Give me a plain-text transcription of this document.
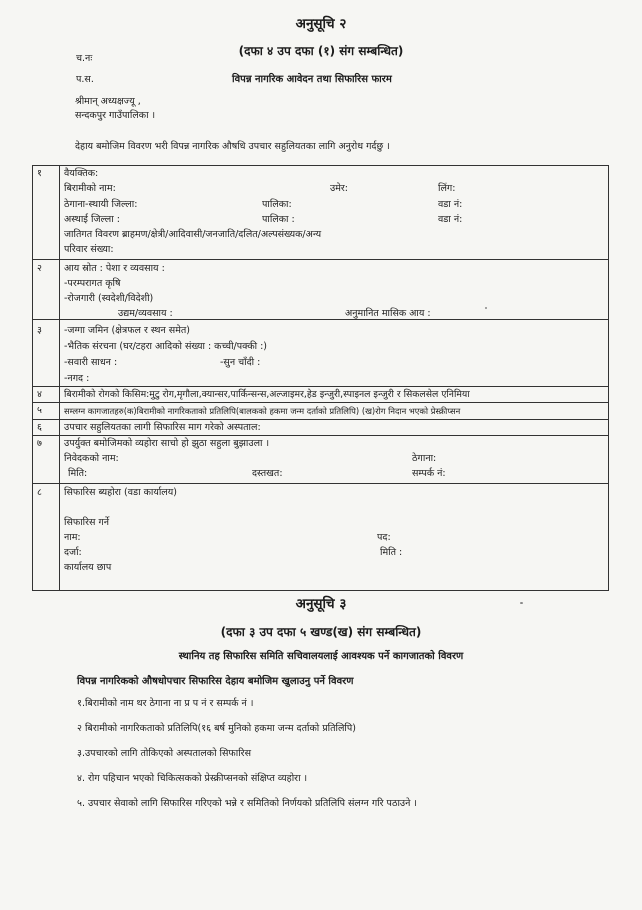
अनुसूचि २
च.नः
(दफा ४ उप दफा (१) संग सम्बन्धित)
प.स.	विपन्न नागरिक आवेदन तथा सिफारिस फारम
श्रीमान् अध्यक्षज्यू ,
सन्दकपुर गाउँपालिका ।
देहाय बमोजिम विवरण भरी विपन्न नागरिक औषधि उपचार सहुलियतका लागि अनुरोध गर्दछु ।
१ वैयक्तिक:
बिरामीको नाम:	उमेर:	लिंग:
ठेगाना-स्थायी जिल्ला:	पालिका:	वडा नं:
अस्थाई जिल्ला :	पालिका :	वडा नं:
जातिगत विवरण ब्राहमण/क्षेत्री/आदिवासी/जनजाति/दलित/अल्पसंख्यक/अन्य
परिवार संख्या:
२ आय स्रोत : पेशा र व्यवसाय :
-परम्परागत कृषि
-रोजगारी (स्वदेशी/विदेशी)
उद्यम/व्यवसाय :	अनुमानित मासिक आय :
३ -जग्गा जमिन (क्षेत्रफल र स्थन समेत)
-भैतिक संरचना (घर/टहरा आदिको संख्या : कच्ची/पक्की :)
-सवारी साधन :	-सुन चाँदी :
-नगद :
४ बिरामीको रोगको किसिम:मुटु रोग,मृगौला,क्यान्सर,पार्किन्सन्स,अल्जाइमर,हेड इन्जुरी,स्पाइनल इन्जुरी र सिकलसेल एनिमिया
५	सम्लग्न कागजातहरु(क)बिरामीको नागरिकताको प्रतिलिपि(बालकको हकमा जन्म दर्ताको प्रतिलिपि) (ख)रोग निदान भएको प्रेस्क्रीप्सन
६ उपचार सहुलियतका लागी सिफारिस माग गरेको अस्पताल:
७ उपर्युक्त बमोजिमको व्यहोरा साचो हो झुठा सहुला बुझाउला ।
निवेदकको नाम:	ठेगाना:
मिति:	दस्तखत:	सम्पर्क नं:
८ सिफारिस ब्यहोरा (वडा कार्यालय)
सिफारिस गर्ने
नाम:	पद:
दर्जा:	मिति :
कार्यालय छाप
अनुसूचि ३
(दफा ३ उप दफा ५ खण्ड(ख) संग सम्बन्धित)
स्थानिय तह सिफारिस समिति सचिवालयलाई आवश्यक पर्ने कागजातको विवरण
विपन्न नागरिकको औषधोपचार सिफारिस देहाय बमोजिम खुलाउनु पर्ने विवरण
१.बिरामीको नाम थर ठेगाना ना प्र प नं र सम्पर्क नं ।
२ बिरामीको नागरिकताको प्रतिलिपि(१६ बर्ष मुनिको हकमा जन्म दर्ताको प्रतिलिपि)
३.उपचारको लागि तोकिएको अस्पतालको सिफारिस
४. रोग पहिचान भएको चिकित्सकको प्रेस्क्रीप्सनको संक्षिप्त व्यहोरा ।
५. उपचार सेवाको लागि सिफारिस गरिएको भन्ने र समितिको निर्णयको प्रतिलिपि संलग्न गरि पठाउने ।
